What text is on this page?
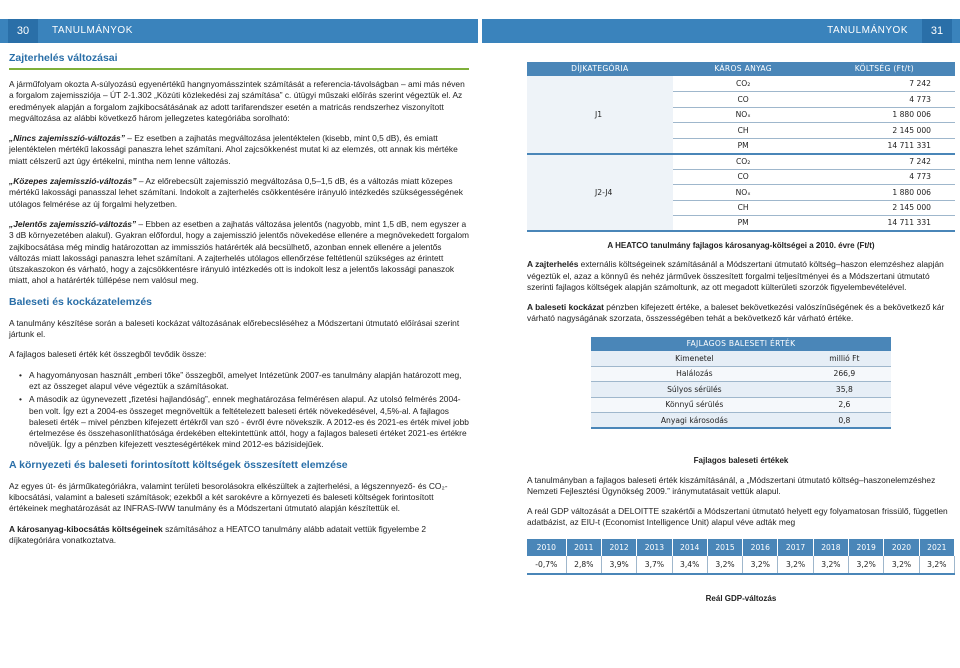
30	TANULMÁNYOK	TANULMÁNYOK	31
Zajterhelés változásai

A járműfolyam okozta A-súlyozású egyenértékű hangnyomásszintek számítását a referencia-távolságban – ami más néven a forgalom zajemissziója – ÚT 2-1.302 „Közúti közlekedési zaj számítása” c. útügyi műszaki előírás szerint végeztük el. Az eredmények alapján a forgalom zajkibocsátásának az adott tarifarendszer esetén a matricás rendszerhez viszonyított megváltozása az alábbi következő három jellegzetes kategóriába sorolható:

„Nincs zajemisszió-változás” – Ez esetben a zajhatás megváltozása jelentéktelen (kisebb, mint 0,5 dB), és emiatt jelentéktelen mértékű lakossági panaszra lehet számítani. Ahol zajcsökkenést mutat ki az elemzés, ott annak kis mértéke miatt célszerű azt úgy értékelni, mintha nem lenne változás.

„Közepes zajemisszió-változás” – Az előrebecsült zajemisszió megváltozása 0,5–1,5 dB, és a változás miatt közepes mértékű lakossági panasszal lehet számítani. Indokolt a zajterhelés csökkentésére irányuló intézkedés szükségességének utólagos felmérése az új forgalmi helyzetben.

„Jelentős zajemisszió-változás” – Ebben az esetben a zajhatás változása jelentős (nagyobb, mint 1,5 dB, nem egyszer a 3 dB környezetében alakul). Gyakran előfordul, hogy a zajemisszió jelentős növekedése ellenére a megnövekedett forgalom zajkibocsátása még mindig határozottan az immissziós határérték alá becsülhető, azonban ennek ellenére a jelentős változás miatt lakossági panaszra lehet számítani. A zajterhelés utólagos ellenőrzése feltétlenül szükséges az érintett útszakaszokon és várható, hogy a zajcsökkentésre irányuló intézkedés ott is indokolt lesz a jelentős lakossági panaszok miatt, ahol a határérték túllépése nem valósul meg.

Baleseti és kockázatelemzés

A tanulmány készítése során a baleseti kockázat változásának előrebecsléséhez a Módszertani útmutató előírásai szerint jártunk el.

A fajlagos baleseti érték két összegből tevődik össze:

• A hagyományosan használt „emberi tőke” összegből, amelyet Intézetünk 2007-es tanulmány alapján határozott meg, ezt az összeget alapul véve végeztük a számításokat.
• A második az úgynevezett „fizetési hajlandóság”, ennek meghatározása felmérésen alapul. Az utolsó felmérés 2004-ben volt. Így ezt a 2004-es összeget megnöveltük a feltételezett baleseti érték növekedésével, 4,5%-al. A fajlagos baleseti érték – mivel pénzben kifejezett értékről van szó - évről évre növekszik. A 2012-es és 2021-es érték mivel jobb értelmezése és összehasonlíthatósága érdekében eltekintettünk attól, hogy a fajlagos baleseti értéket 2021-es értékre növeljük. Így a pénzben kifejezett veszteségértékek mind 2012-es bázisidejűek.
A környezeti és baleseti forintosított költségek összesített elemzése

Az egyes út- és járműkategóriákra, valamint területi besorolásokra elkészültek a zajterhelési, a légszennyező- és CO₂-kibocsátási, valamint a baleseti számítások; ezekből a két sarokévre a környezeti és baleseti költségek forintosított értékeinek meghatározását az INFRAS-IWW tanulmány és a Módszertani útmutató alapján készítettük el.

A károsanyag-kibocsátás költségeinek számításához a HEATCO tanulmány alább adatait vettük figyelembe 2 díjkategóriára vonatkoztatva.

DÍJKATEGÓRIA	KÁROS ANYAG	KÖLTSÉG (Ft/t)
J1	CO₂	7 242
	CO	4 773
	NOₓ	1 880 006
	CH	2 145 000
	PM	14 711 331
J2-J4	CO₂	7 242
	CO	4 773
	NOₓ	1 880 006
	CH	2 145 000
	PM	14 711 331
A HEATCO tanulmány fajlagos károsanyag-költségei a 2010. évre (Ft/t)

A zajterhelés externális költségeinek számításánál a Módszertani útmutató költség–haszon elemzéshez alapján végeztük el, azaz a könnyű és nehéz járművek összesített forgalmi teljesítményei és a Módszertani útmutató szerinti fajlagos költségek alapján számoltunk, az ott megadott külterületi szorzók figyelembevételével.

A baleseti kockázat pénzben kifejezett értéke, a baleset bekövetkezési valószínűségének és a bekövetkező kár várható nagyságának szorzata, összességében tehát a bekövetkező kár várható értéke.

FAJLAGOS BALESETI ÉRTÉK	
Kimenetel	millió Ft
Halálozás	266,9
Súlyos sérülés	35,8
Könnyű sérülés	2,6
Anyagi károsodás	0,8
Fajlagos baleseti értékek

A tanulmányban a fajlagos baleseti érték kiszámításánál, a „Módszertani útmutató költség–haszonelemzéshez Nemzeti Fejlesztési Ügynökség 2009.” iránymutatásait vettük alapul.

A reál GDP változását a DELOITTE szakértői a Módszertani útmutató helyett egy folyamatosan frissülő, független adatbázist, az EIU-t (Economist Intelligence Unit) alapul véve adták meg

2010	2011	2012	2013	2014	2015	2016	2017	2018	2019	2020	2021
-0,7%	2,8%	3,9%	3,7%	3,4%	3,2%	3,2%	3,2%	3,2%	3,2%	3,2%	3,2%
Reál GDP-változás
